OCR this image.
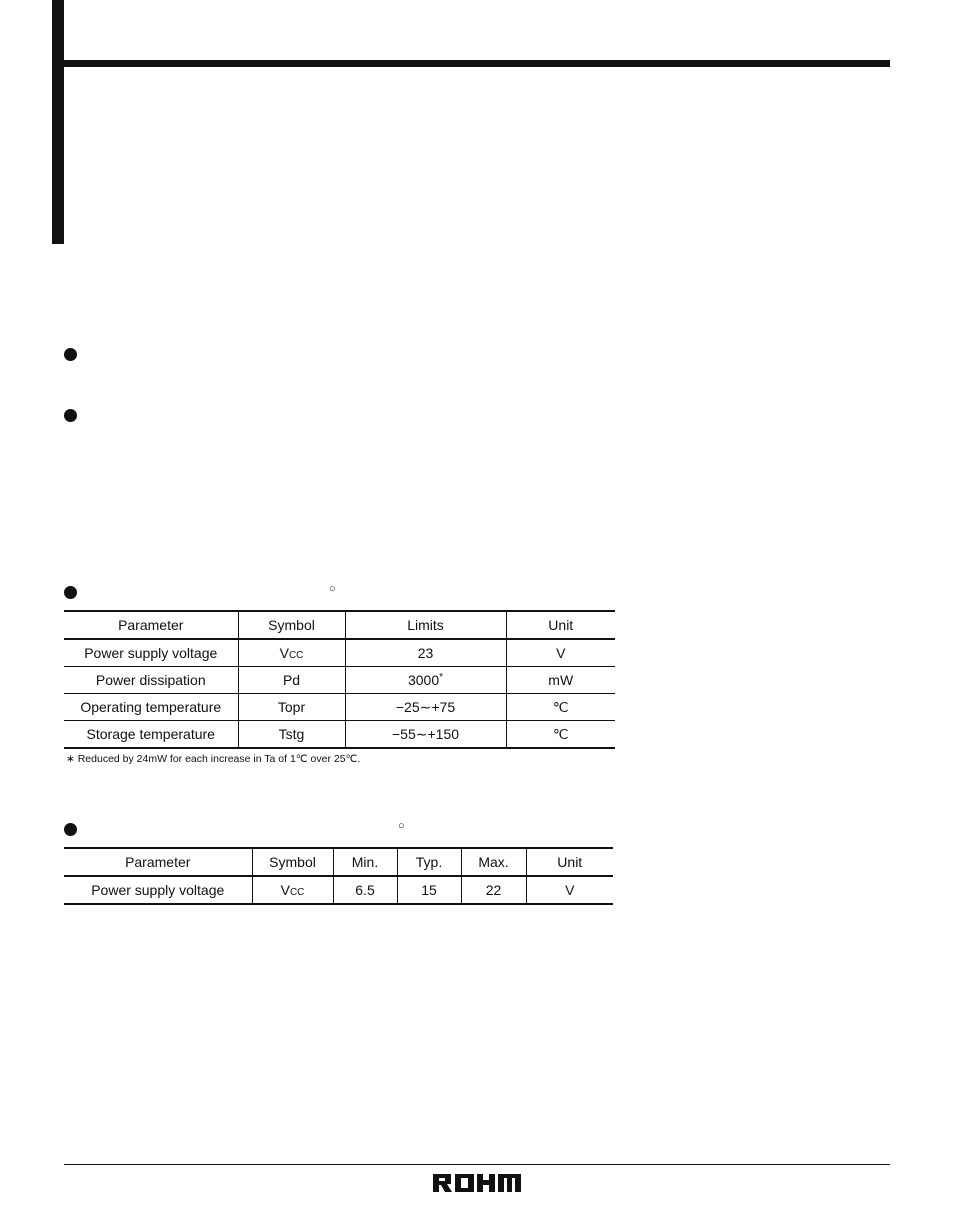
○
Parameter	Symbol	Limits	Unit
Power supply voltage	VCC	23	V
Power dissipation	Pd	3000*	mW
Operating temperature	Topr	−25∼+75	℃
Storage temperature	Tstg	−55∼+150	℃
∗ Reduced by 24mW for each increase in Ta of 1℃ over 25℃.
○
Parameter	Symbol	Min.	Typ.	Max.	Unit
Power supply voltage	VCC	6.5	15	22	V
